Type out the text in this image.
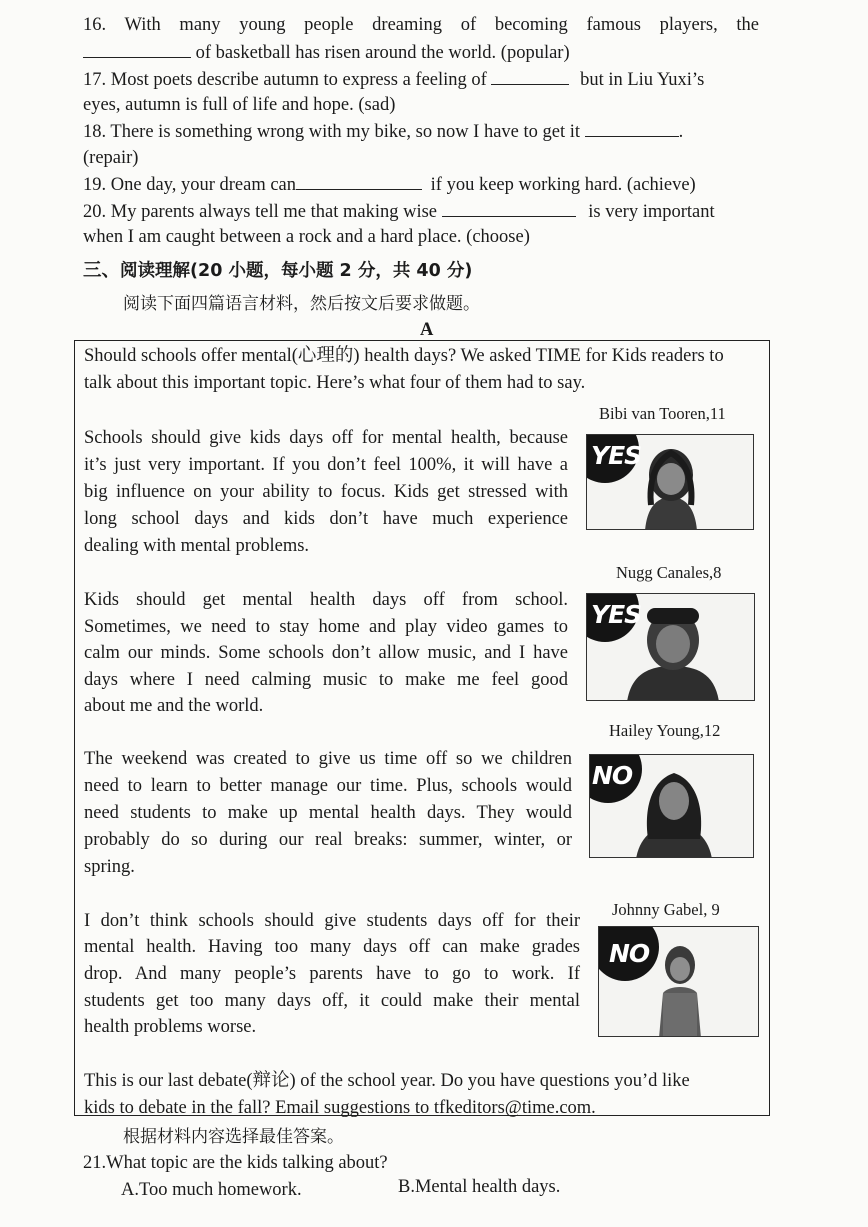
16. With many young people dreaming of becoming famous players, the
of basketball has risen around the world. (popular)
17. Most poets describe autumn to express a feeling of	but in Liu Yuxi’s
eyes, autumn is full of life and hope. (sad)
18. There is something wrong with my bike, so now I have to get it	.
(repair)
19. One day, your dream can	if you keep working hard. (achieve)
20. My parents always tell me that making wise	is very important
when I am caught between a rock and a hard place. (choose)
三、阅读理解(20 小题，每小题 2 分，共 40 分)
阅读下面四篇语言材料，然后按文后要求做题。
A
Should schools offer mental(心理的) health days? We asked TIME for Kids readers to
talk about this important topic. Here’s what four of them had to say.
Bibi van Tooren,11
YES
Schools should give kids days off for mental health, because
it’s just very important. If you don’t feel 100%, it will have a
big influence on your ability to focus. Kids get stressed with
long school days and kids don’t have much experience
dealing with mental problems.
Nugg Canales,8
YES
Kids should get mental health days off from school.
Sometimes, we need to stay home and play video games to
calm our minds. Some schools don’t allow music, and I have
days where I need calming music to make me feel good
about me and the world.
Hailey Young,12
NO
The weekend was created to give us time off so we children
need to learn to better manage our time. Plus, schools would
need students to make up mental health days. They would
probably do so during our real breaks: summer, winter, or
spring.
Johnny Gabel, 9
NO
I don’t think schools should give students days off for their
mental health. Having too many days off can make grades
drop. And many people’s parents have to go to work. If
students get too many days off, it could make their mental
health problems worse.
This is our last debate(辩论) of the school year. Do you have questions you’d like
kids to debate in the fall? Email suggestions to tfkeditors@time.com.
根据材料内容选择最佳答案。
21.What topic are the kids talking about?
A.Too much homework.	B.Mental health days.
